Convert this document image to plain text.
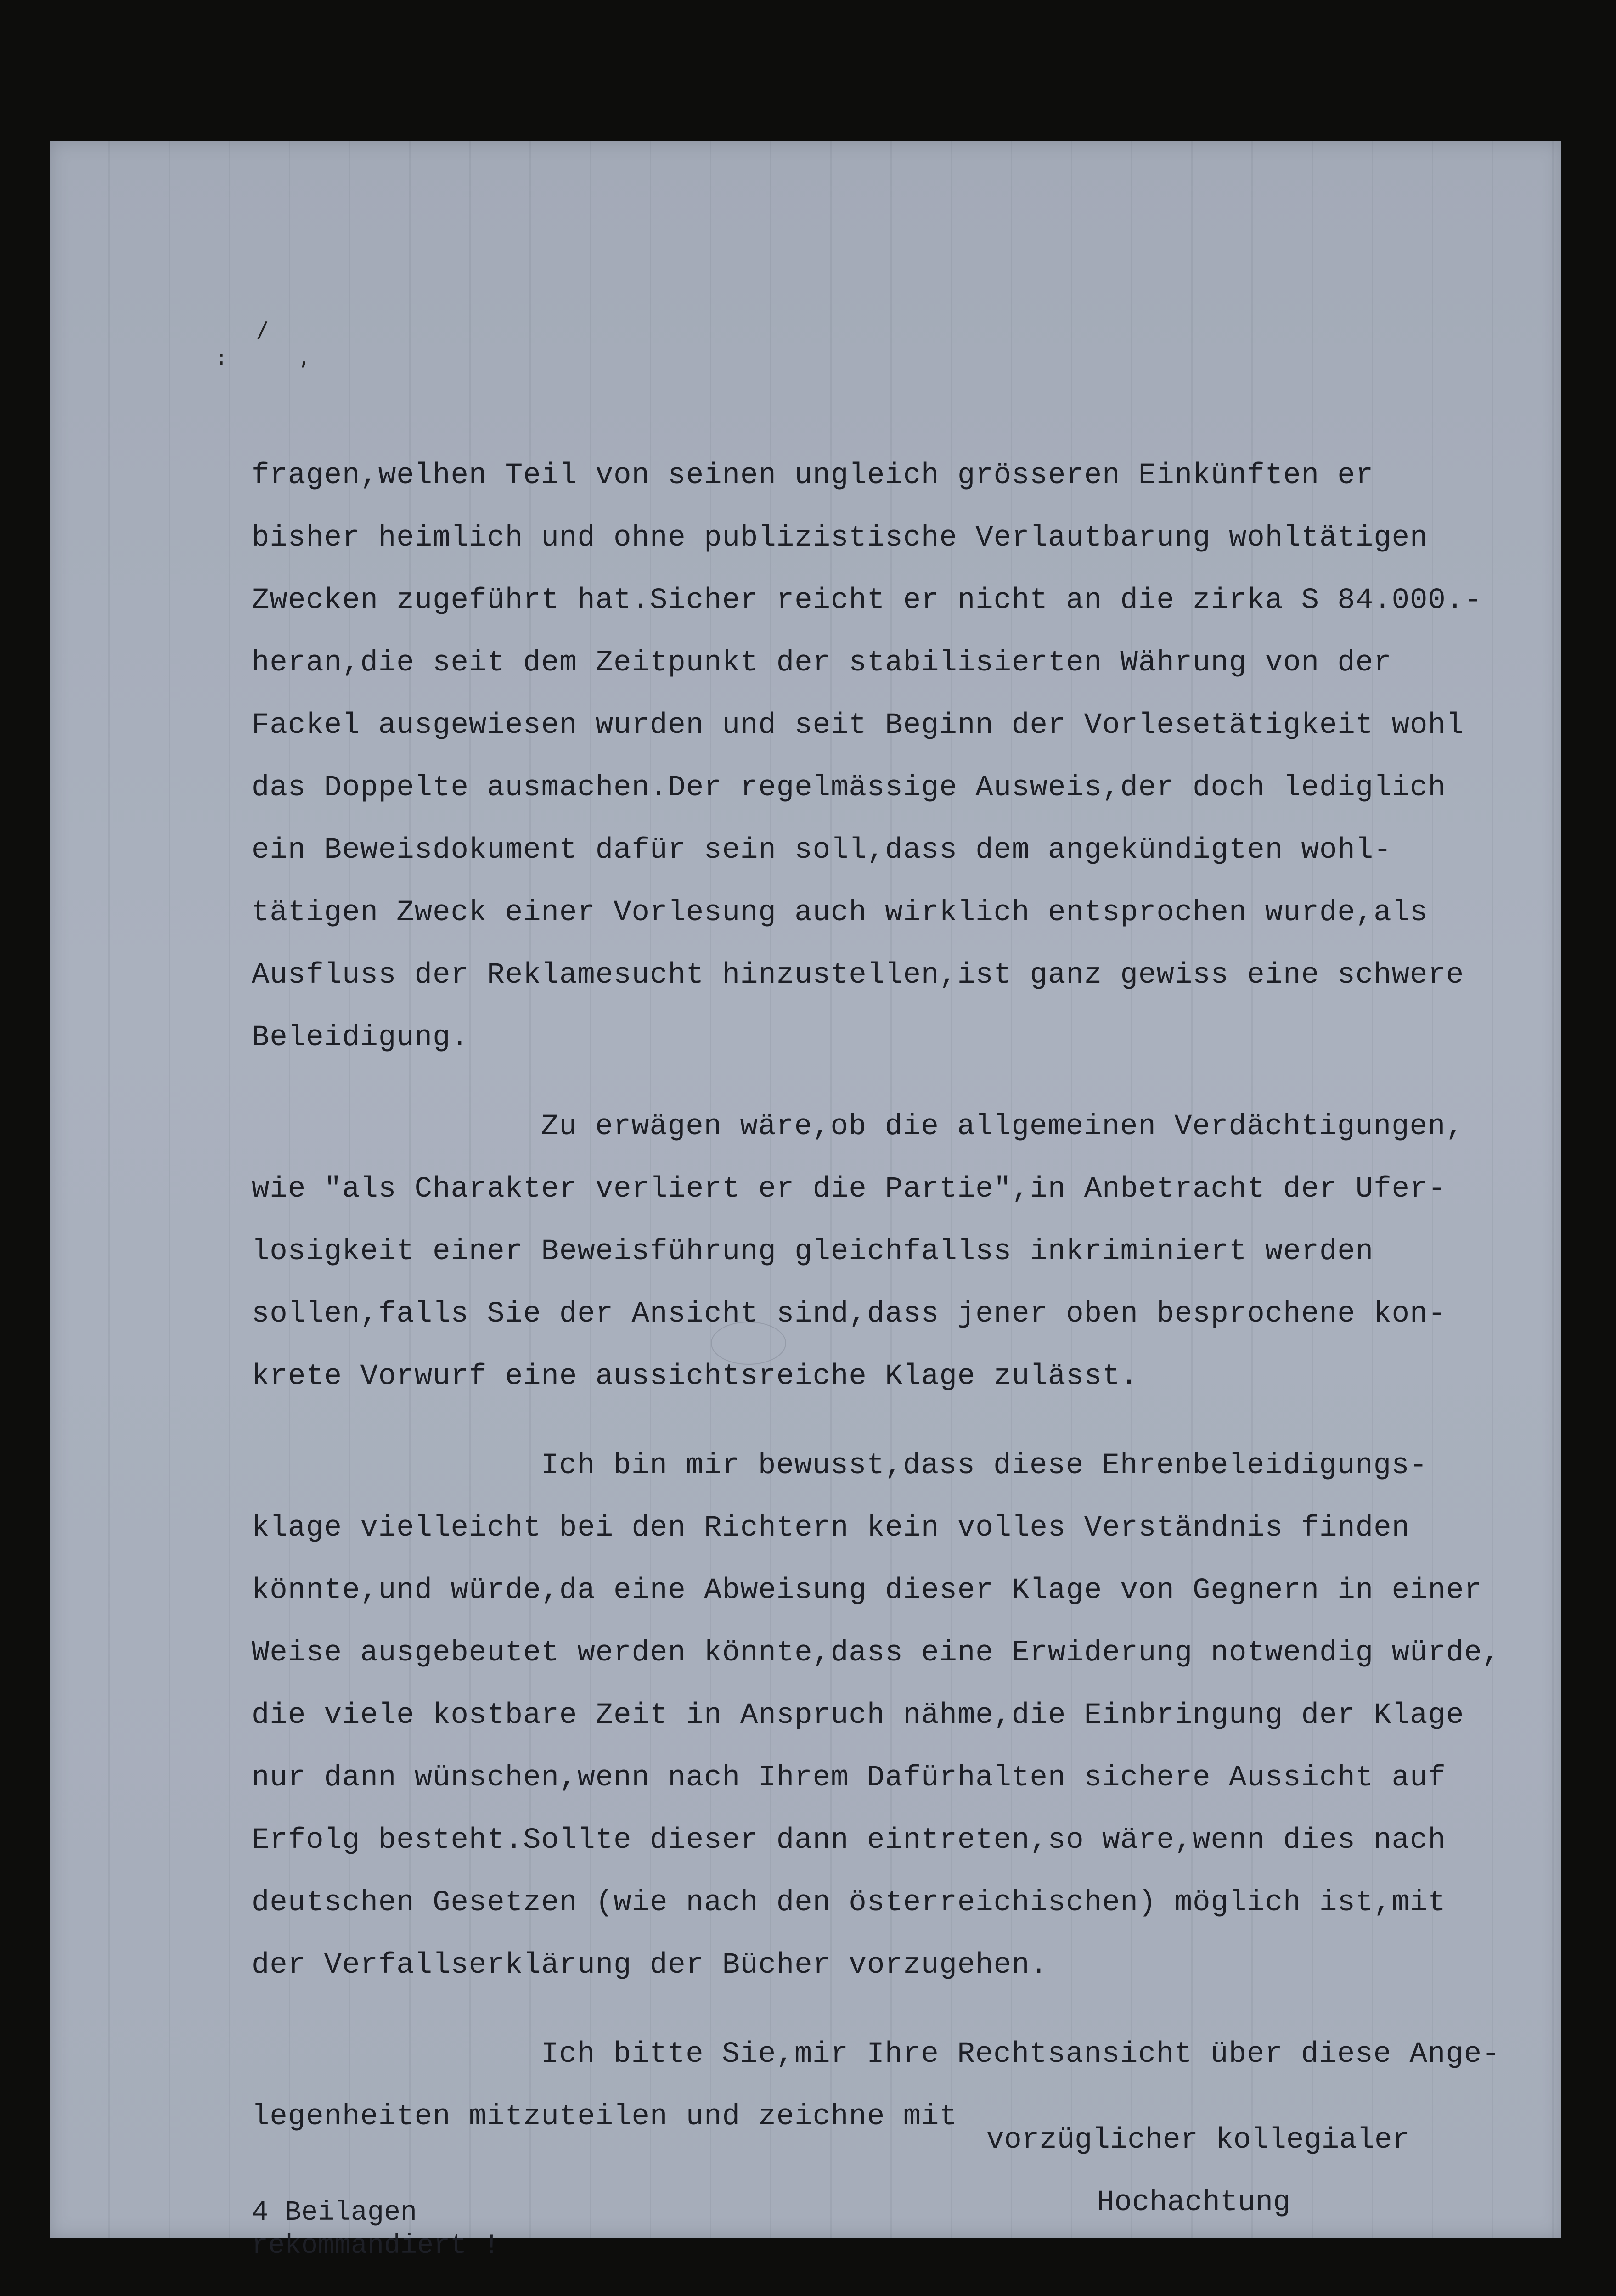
/
:	,
fragen,welhen Teil von seinen ungleich grösseren Einkünften er
bisher heimlich und ohne publizistische Verlautbarung wohltätigen
Zwecken zugeführt hat.Sicher reicht er nicht an die zirka S 84.000.-
heran,die seit dem Zeitpunkt der stabilisierten Währung von der
Fackel ausgewiesen wurden und seit Beginn der Vorlesetätigkeit wohl
das Doppelte ausmachen.Der regelmässige Ausweis,der doch lediglich
ein Beweisdokument dafür sein soll,dass dem angekündigten wohl-
tätigen Zweck einer Vorlesung auch wirklich entsprochen wurde,als
Ausfluss der Reklamesucht hinzustellen,ist ganz gewiss eine schwere
Beleidigung.
Zu erwägen wäre,ob die allgemeinen Verdächtigungen,
wie "als Charakter verliert er die Partie",in Anbetracht der Ufer-
losigkeit einer Beweisführung gleichfallss inkriminiert werden
sollen,falls Sie der Ansicht sind,dass jener oben besprochene kon-
krete Vorwurf eine aussichtsreiche Klage zulässt.
Ich bin mir bewusst,dass diese Ehrenbeleidigungs-
klage vielleicht bei den Richtern kein volles Verständnis finden
könnte,und würde,da eine Abweisung dieser Klage von Gegnern in einer
Weise ausgebeutet werden könnte,dass eine Erwiderung notwendig würde,
die viele kostbare Zeit in Anspruch nähme,die Einbringung der Klage
nur dann wünschen,wenn nach Ihrem Dafürhalten sichere Aussicht auf
Erfolg besteht.Sollte dieser dann eintreten,so wäre,wenn dies nach
deutschen Gesetzen (wie nach den österreichischen) möglich ist,mit
der Verfallserklärung der Bücher vorzugehen.
Ich bitte Sie,mir Ihre Rechtsansicht über diese Ange-
legenheiten mitzuteilen und zeichne mit
vorzüglicher kollegialer
Hochachtung
4 Beilagen
rekommandiert !
